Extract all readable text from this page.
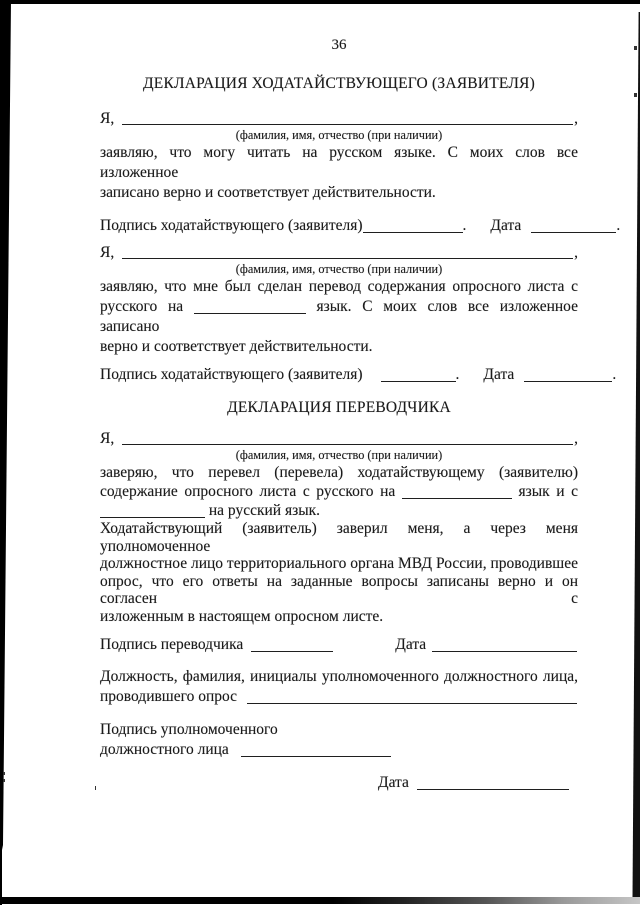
36
ДЕКЛАРАЦИЯ ХОДАТАЙСТВУЮЩЕГО (ЗАЯВИТЕЛЯ)
Я,	,
(фамилия, имя, отчество (при наличии)
заявляю, что могу читать на русском языке. С моих слов все изложенное
записано верно и соответствует действительности.
Подпись ходатайствующего (заявителя)	. Дата	.
Я,	,
(фамилия, имя, отчество (при наличии)
заявляю, что мне был сделан перевод содержания опросного листа с
русского на	язык. С моих слов все изложенное записано
верно и соответствует действительности.
Подпись ходатайствующего (заявителя)	. Дата	.
ДЕКЛАРАЦИЯ ПЕРЕВОДЧИКА
Я,	,
(фамилия, имя, отчество (при наличии)
заверяю, что перевел (перевела) ходатайствующему (заявителю)
содержание опросного листа с русского на	язык и с
на русский язык.
Ходатайствующий (заявитель) заверил меня, а через меня уполномоченное
должностное лицо территориального органа МВД России, проводившее
опрос, что его ответы на заданные вопросы записаны верно и он согласен с
изложенным в настоящем опросном листе.
Подпись переводчика	Дата
Должность, фамилия, инициалы уполномоченного должностного лица,
проводившего опрос
Подпись уполномоченного
должностного лица
Дата
